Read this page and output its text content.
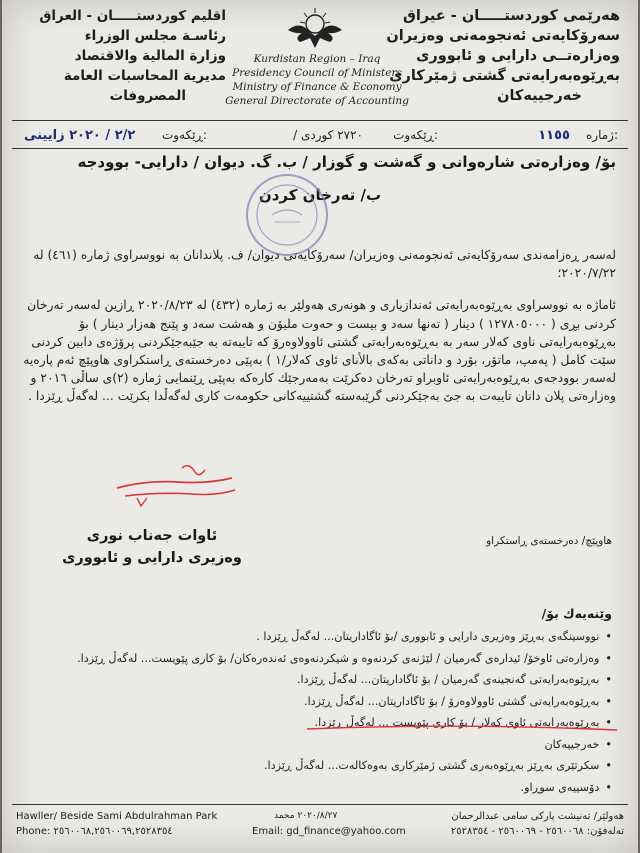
هەرێمی كوردستـــــان - عیراق
سەرۆكایەتی ئەنجومەنی وەزیران
وەزارەتــی دارایی و ئابووری
بەڕێوەبەرایەتی گشتی ژمێركاری
خەرجییەكان
اقليم كوردستـــــان - العراق
رئاسـة مجلس الوزراء
وزارة المالية والاقتصاد
مديرية المحاسبات العامة
المصروفات
Kurdistan Region – Iraq
Presidency Council of Ministers
Ministry of Finance & Economy
General Directorate of Accounting
ژمارە:
١١٥٥
ڕێكەوت:
/ ٢٧٢٠ كوردی
ڕێكەوت:
٢/٢ / ٢٠٢٠ زایینی
بۆ/ وەزارەتی شارەوانی و گەشت و گوزار / ب. گ. دیوان / دارایی- بوودجە
ب/ تەرخان كردن

لەسەر ڕەزامەندی سەرۆكایەتی ئەنجومەنی وەزیران/ سەرۆكایەتی دیوان/ ف. پلاندانان بە نووسراوی ژمارە (٤٦١) لە ٢٠٢٠/٧/٢٢؛

ئاماژە بە نووسراوی بەڕێوەبەرایەتی ئەندازیاری و هونەری هەولێر بە ژمارە (٤٣٢) لە ٢٠٢٠/٨/٢٣ ڕازین لەسەر تەرخان كردنی بڕی ( ١٢٧٨٠٥٠٠٠ ) دینار ( تەنها سەد و بیست و حەوت ملیۆن و هەشت سەد و پێنج هەزار دینار ) بۆ بەڕێوەبەرایەتی ناوی كەلار سەر بە بەڕێوەبەرایەتی گشتی ئاوولاوەرۆ كە تایبەتە بە جێبەجێكردنی پرۆژەی دابین كردنی سێت كامل ( پەمپ، ماتۆر، بۆرد و داناتی بەكەی بالأنای ئاوی كەلار/١ ) بەپێی دەرخستەی ڕاستكراوی هاوپێچ ئەم پارەیە لەسەر بوودجەی بەڕێوەبەرایەتی ئاوبراو تەرخان دەكرێت بەمەرجێك كارەكە بەپێی ڕێنمایی ژمارە (٢)ی ساڵی ٢٠١٦ و وەزارەتی پلان دانان تایبەت بە جێ بەجێكردنی گرێبەستە گشتییەكانی حكومەت كاری لەگەڵدا بكرێت ... لەگەڵ ڕێزدا .

ئاوات جەناب نوری
وەزیری دارایی و ئابووری
هاوپێچ/ دەرخستەی ڕاستكراو
وێنەیەك بۆ/
• نووسینگەی بەڕێز وەزیری دارایی و ئابووری /بۆ ئاگاداریتان... لەگەڵ ڕێزدا .
• وەزارەتی ئاوخۆ/ ئیدارەی گەرمیان / لێژنەی كردنەوە و شیكردنەوەی ئەندەرەكان/ بۆ كاری پێویست... لەگەڵ ڕێزدا.
• بەڕێوەبەرایەتی گەنجینەی گەرمیان / بۆ ئاگاداریتان... لەگەڵ ڕێزدا.
• بەڕێوەبەرایەتی گشتی ئاوولاوەرۆ / بۆ ئاگاداریتان... لەگەڵ ڕێزدا.
• بەڕێوەبەرایەتی ئاوی كەلار / بۆ كاری پێویست ... لەگەڵ ڕێزدا.
• خەرجییەكان
• سكرتێری بەڕێز بەڕێوەبەری گشتی ژمێركاری بەوەكالەت... لەگەڵ ڕێزدا.
• دۆسییەی سوڕاو.
Hawller/ Beside Sami Abdulrahman Park
Phone: ٢٥٦٠٠٦٨,٢٥٦٠٠٦٩,٢٥٢٨٣٥٤
٢٠٢٠/٨/٢٧ محمد
Email: gd_finance@yahoo.com
هەولێر/ تەنیشت پاركی سامی عبدالرحمان
تەلەفۆن: ٢٥٦٠٠٦٨ - ٢٥٦٠٠٦٩ - ٢٥٢٨٣٥٤
